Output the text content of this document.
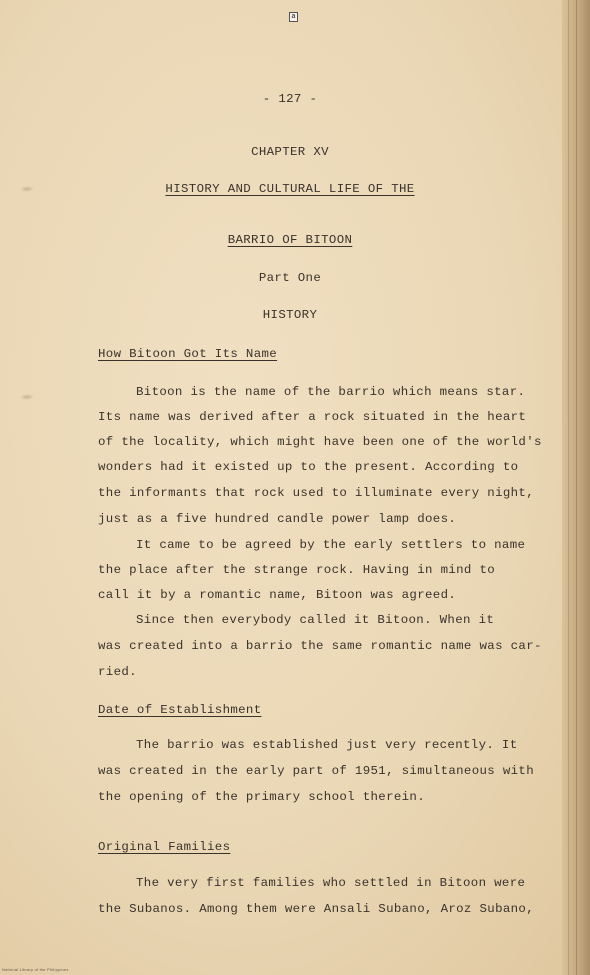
a
- 127 -
CHAPTER XV
HISTORY AND CULTURAL LIFE OF THE
BARRIO OF BITOON
Part One
HISTORY
How Bitoon Got Its Name
Bitoon is the name of the barrio which means star.
Its name was derived after a rock situated in the heart
of the locality, which might have been one of the world's
wonders had it existed up to the present. According to
the informants that rock used to illuminate every night,
just as a five hundred candle power lamp does.
It came to be agreed by the early settlers to name
the place after the strange rock. Having in mind to
call it by a romantic name, Bitoon was agreed.
Since then everybody called it Bitoon. When it
was created into a barrio the same romantic name was car-
ried.
Date of Establishment
The barrio was established just very recently. It
was created in the early part of 1951, simultaneous with
the opening of the primary school therein.
Original Families
The very first families who settled in Bitoon were
the Subanos. Among them were Ansali Subano, Aroz Subano,
National Library of the Philippines
